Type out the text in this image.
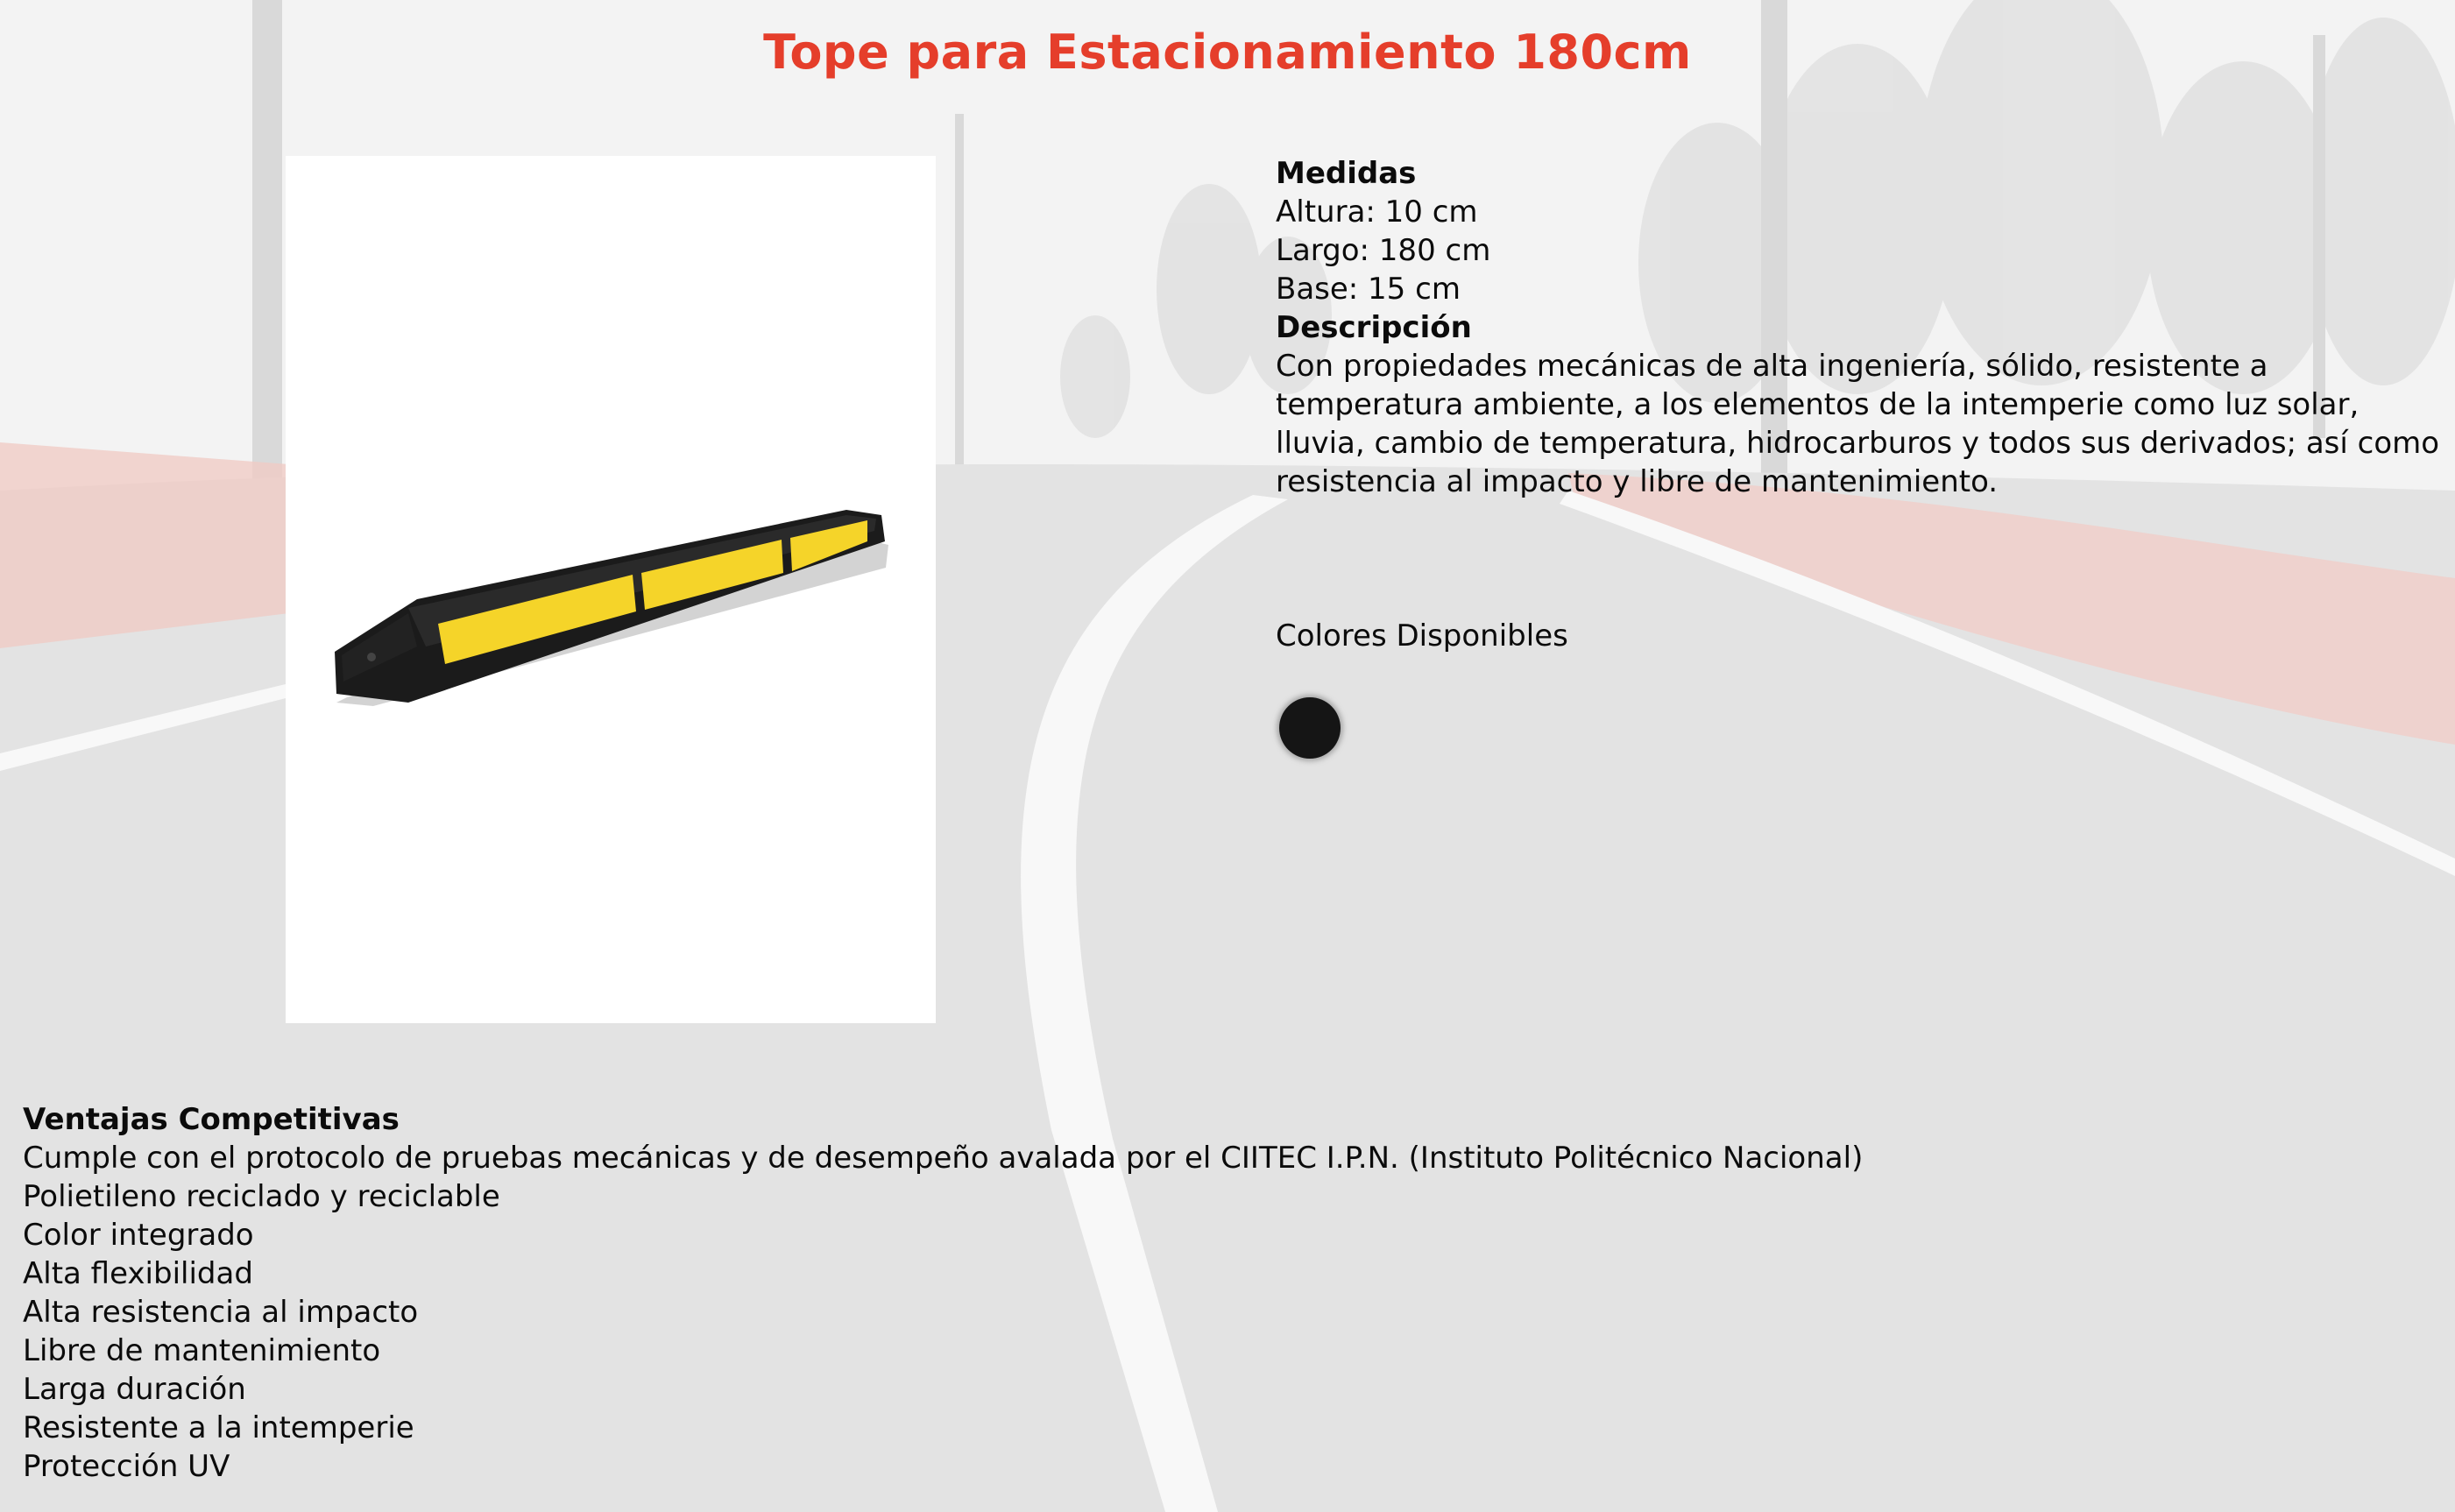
Tope para Estacionamiento 180cm
Medidas
Altura: 10 cm
Largo: 180 cm
Base: 15 cm
Descripción
Con propiedades mecánicas de alta ingeniería, sólido, resistente a temperatura ambiente, a los elementos de la intemperie como luz solar, lluvia, cambio de temperatura, hidrocarburos y todos sus derivados; así como resistencia al impacto y libre de mantenimiento.
Colores Disponibles
Ventajas Competitivas
Cumple con el protocolo de pruebas mecánicas y de desempeño avalada por el CIITEC I.P.N. (Instituto Politécnico Nacional)
Polietileno reciclado y reciclable
Color integrado
Alta flexibilidad
Alta resistencia al impacto
Libre de mantenimiento
Larga duración
Resistente a la intemperie
Protección UV
